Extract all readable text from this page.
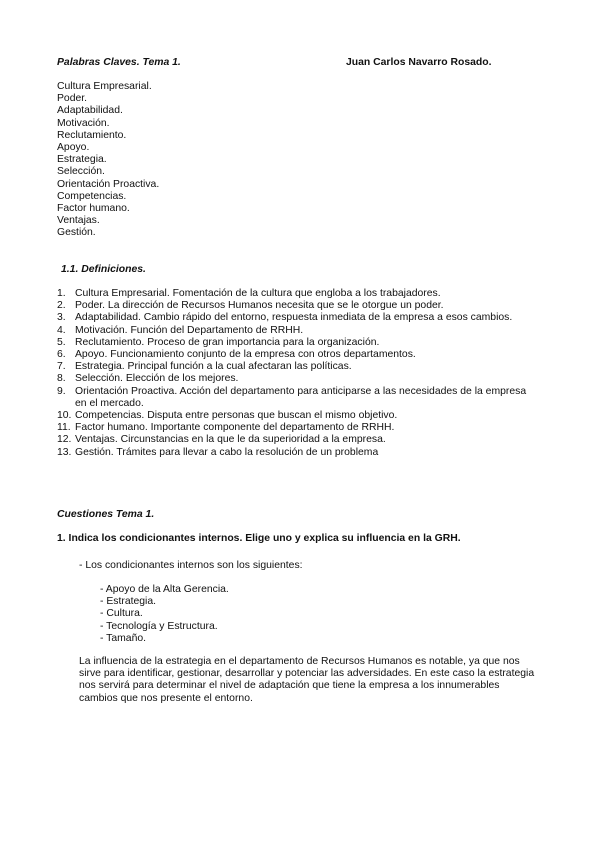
Palabras Claves. Tema 1.	Juan Carlos Navarro Rosado.
Cultura Empresarial.
Poder.
Adaptabilidad.
Motivación.
Reclutamiento.
Apoyo.
Estrategia.
Selección.
Orientación Proactiva.
Competencias.
Factor humano.
Ventajas.
Gestión.
1.1. Definiciones.
1. Cultura Empresarial. Fomentación de la cultura que engloba a los trabajadores.
2. Poder. La dirección de Recursos Humanos necesita que se le otorgue un poder.
3. Adaptabilidad. Cambio rápido del entorno, respuesta inmediata de la empresa a esos cambios.
4. Motivación. Función del Departamento de RRHH.
5. Reclutamiento. Proceso de gran importancia para la organización.
6. Apoyo. Funcionamiento conjunto de la empresa con otros departamentos.
7. Estrategia. Principal función a la cual afectaran las políticas.
8. Selección. Elección de los mejores.
9. Orientación Proactiva. Acción del departamento para anticiparse a las necesidades de la empresa en el mercado.
10. Competencias. Disputa entre personas que buscan el mismo objetivo.
11. Factor humano. Importante componente del departamento de RRHH.
12. Ventajas. Circunstancias en la que le da superioridad a la empresa.
13. Gestión. Trámites para llevar a cabo la resolución de un problema
Cuestiones Tema 1.
1. Indica los condicionantes internos. Elige uno y explica su influencia en la GRH.
- Los condicionantes internos son los siguientes:
- Apoyo de la Alta Gerencia.
- Estrategia.
- Cultura.
- Tecnología y Estructura.
- Tamaño.

La influencia de la estrategia en el departamento de Recursos Humanos es notable, ya que nos sirve para identificar, gestionar, desarrollar y potenciar las adversidades. En este caso la estrategia nos servirá para determinar el nivel de adaptación que tiene la empresa a los innumerables cambios que nos presente el entorno.
